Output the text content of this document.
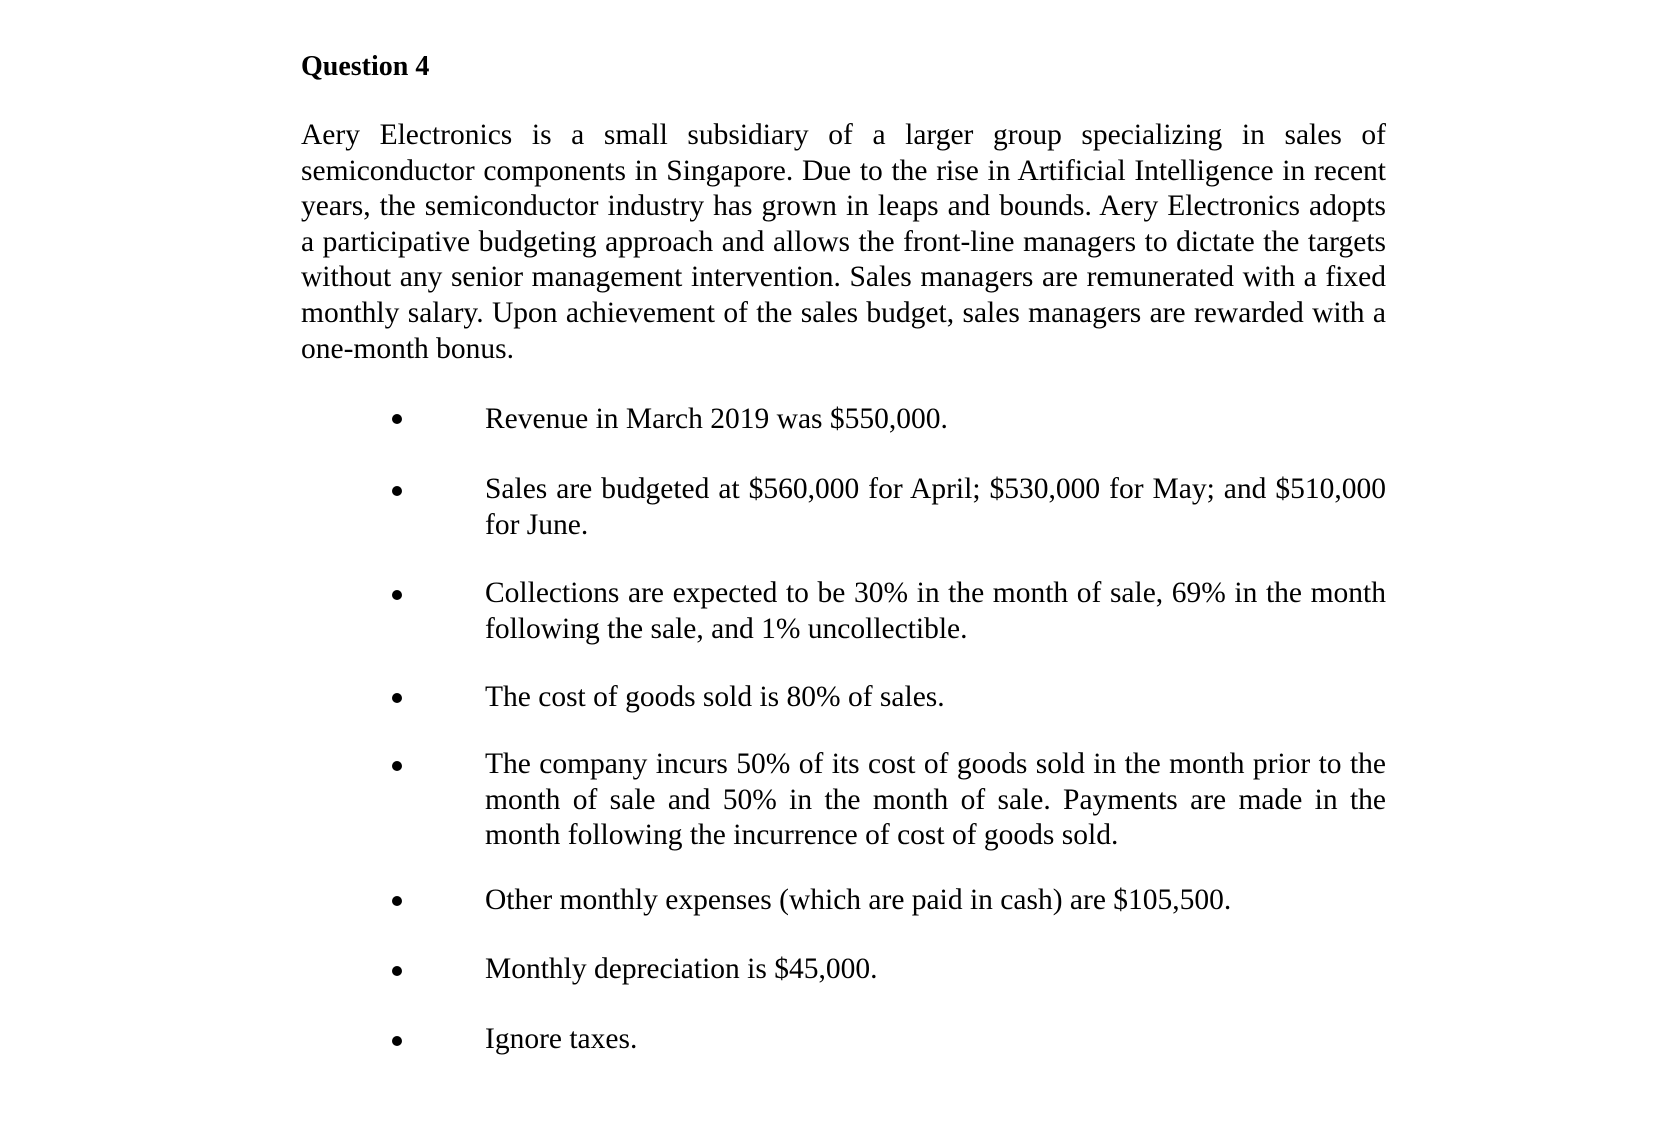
Question 4
Aery Electronics is a small subsidiary of a larger group specializing in sales of semiconductor components in Singapore. Due to the rise in Artificial Intelligence in recent years, the semiconductor industry has grown in leaps and bounds. Aery Electronics adopts a participative budgeting approach and allows the front-line managers to dictate the targets without any senior management intervention. Sales managers are remunerated with a fixed monthly salary. Upon achievement of the sales budget, sales managers are rewarded with a one-month bonus.
Revenue in March 2019 was $550,000.
Sales are budgeted at $560,000 for April; $530,000 for May; and $510,000 for June.
Collections are expected to be 30% in the month of sale, 69% in the month following the sale, and 1% uncollectible.
The cost of goods sold is 80% of sales.
The company incurs 50% of its cost of goods sold in the month prior to the month of sale and 50% in the month of sale. Payments are made in the month following the incurrence of cost of goods sold.
Other monthly expenses (which are paid in cash) are $105,500.
Monthly depreciation is $45,000.
Ignore taxes.
